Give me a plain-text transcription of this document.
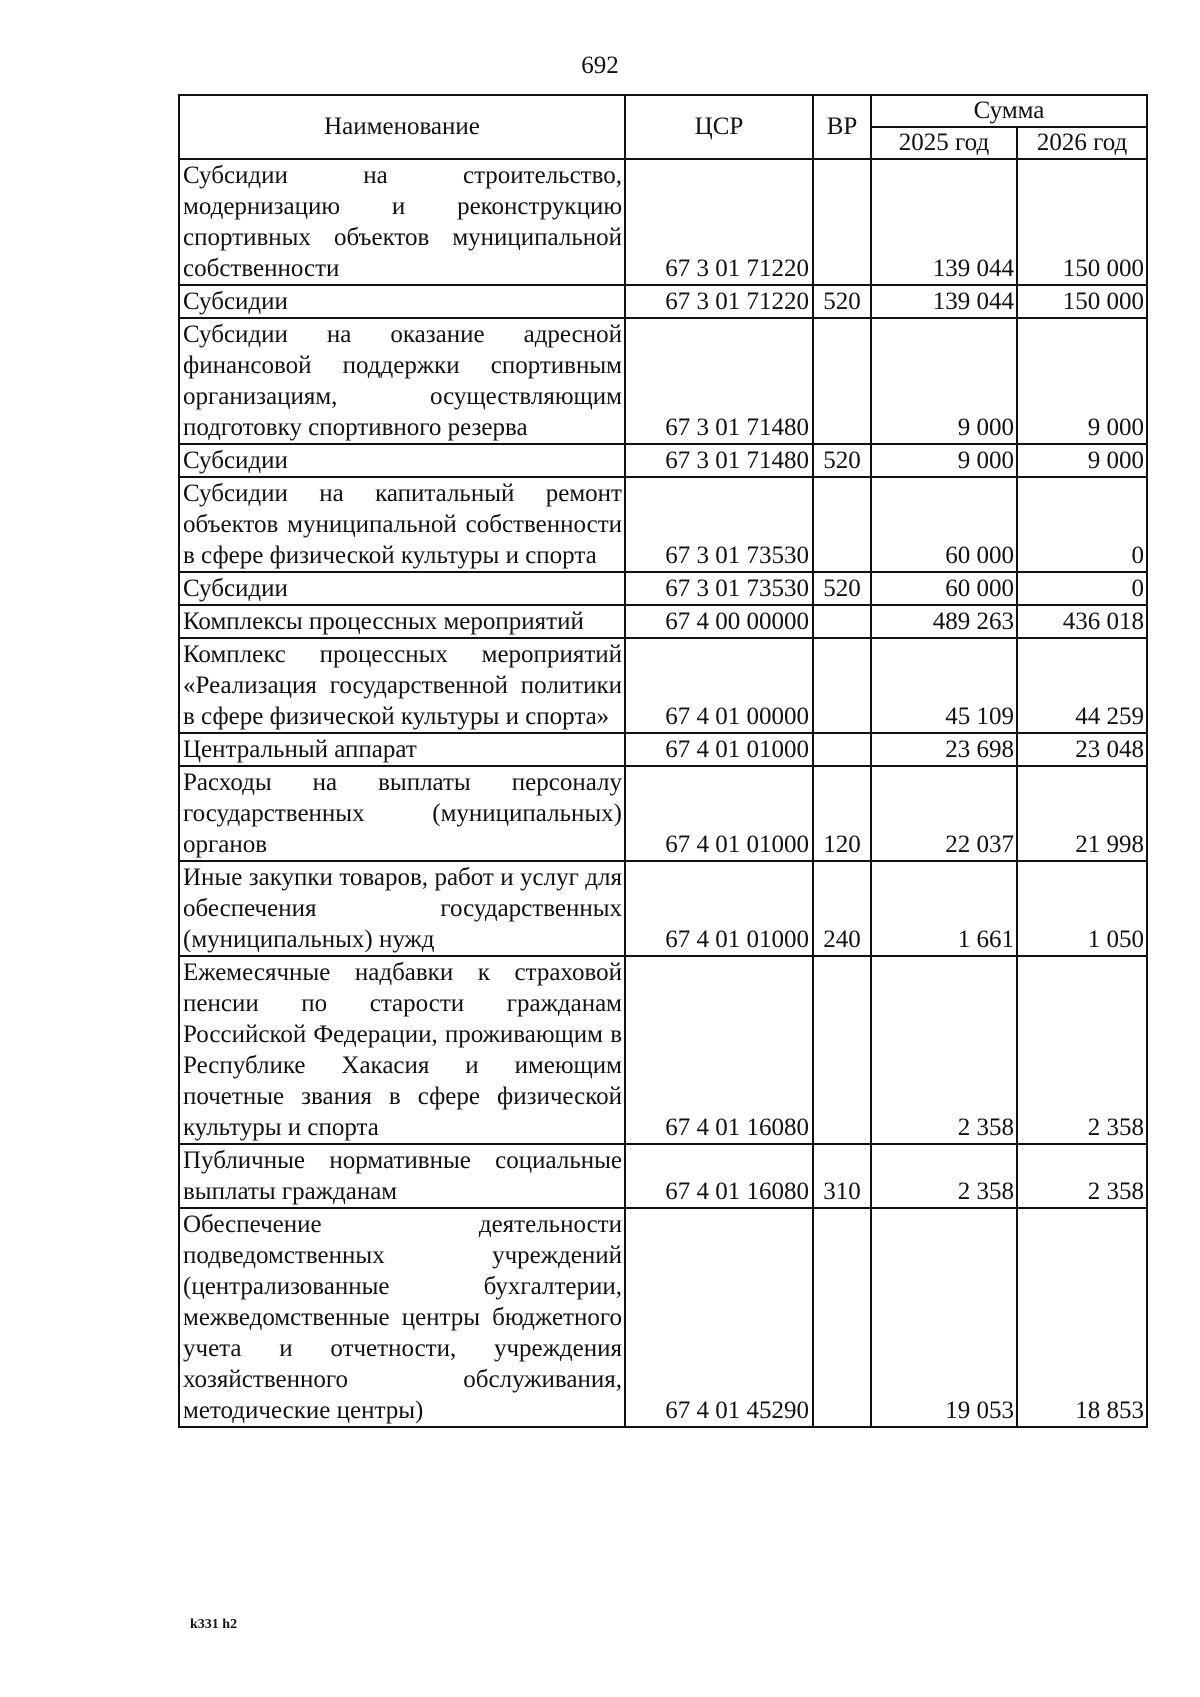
692
Наименование	ЦСР	ВР	Сумма	
			2025 год	2026 год
Субсидии на строительство, модернизацию и реконструкцию спортивных объектов муниципальной собственности	67 3 01 71220		139 044	150 000
Субсидии	67 3 01 71220	520	139 044	150 000
Субсидии на оказание адресной финансовой поддержки спортивным организациям, осуществляющим подготовку спортивного резерва	67 3 01 71480		9 000	9 000
Субсидии	67 3 01 71480	520	9 000	9 000
Субсидии на капитальный ремонт объектов муниципальной собственности в сфере физической культуры и спорта	67 3 01 73530		60 000	0
Субсидии	67 3 01 73530	520	60 000	0
Комплексы процессных мероприятий	67 4 00 00000		489 263	436 018
Комплекс процессных мероприятий «Реализация государственной политики в сфере физической культуры и спорта»	67 4 01 00000		45 109	44 259
Центральный аппарат	67 4 01 01000		23 698	23 048
Расходы на выплаты персоналу государственных (муниципальных) органов	67 4 01 01000	120	22 037	21 998
Иные закупки товаров, работ и услуг для обеспечения государственных (муниципальных) нужд	67 4 01 01000	240	1 661	1 050
Ежемесячные надбавки к страховой пенсии по старости гражданам Российской Федерации, проживающим в Республике Хакасия и имеющим почетные звания в сфере физической культуры и спорта	67 4 01 16080		2 358	2 358
Публичные нормативные социальные выплаты гражданам	67 4 01 16080	310	2 358	2 358
Обеспечение деятельности подведомственных учреждений (централизованные бухгалтерии, межведомственные центры бюджетного учета и отчетности, учреждения хозяйственного обслуживания, методические центры)	67 4 01 45290		19 053	18 853
k331 h2
